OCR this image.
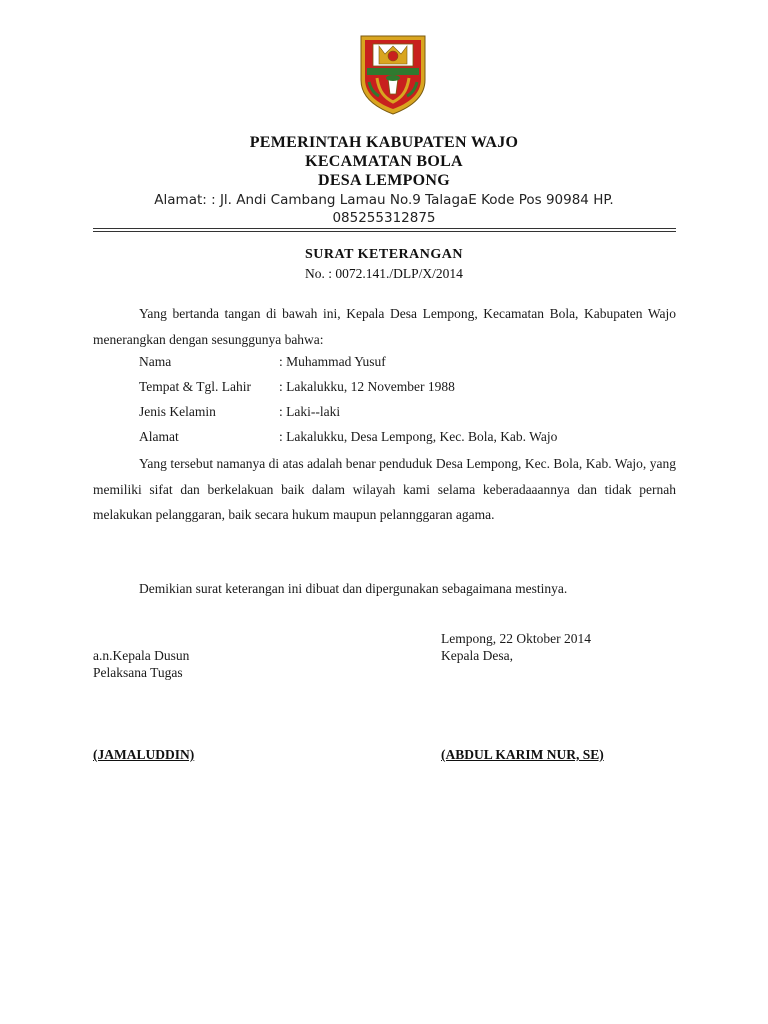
PEMERINTAH KABUPATEN WAJO
KECAMATAN BOLA
DESA LEMPONG
Alamat: : Jl. Andi Cambang Lamau No.9 TalagaE Kode Pos 90984 HP.
085255312875
SURAT KETERANGAN
No. : 0072.141./DLP/X/2014
Yang bertanda tangan di bawah ini, Kepala Desa Lempong, Kecamatan Bola, Kabupaten Wajo menerangkan dengan sesunggunya bahwa:
Nama	: Muhammad Yusuf
Tempat & Tgl. Lahir : Lakalukku, 12 November 1988
Jenis Kelamin	: Laki--laki
Alamat	: Lakalukku, Desa Lempong, Kec. Bola, Kab. Wajo
Yang tersebut namanya di atas adalah benar penduduk Desa Lempong, Kec. Bola, Kab. Wajo, yang memiliki sifat dan berkelakuan baik dalam wilayah kami selama keberadaaannya dan tidak pernah melakukan pelanggaran, baik secara hukum maupun pelannggaran agama.
Demikian surat keterangan ini dibuat dan dipergunakan sebagaimana mestinya.
Lempong, 22 Oktober 2014
Kepala Desa,
a.n.Kepala Dusun
Pelaksana Tugas
(JAMALUDDIN)	(ABDUL KARIM NUR, SE)
